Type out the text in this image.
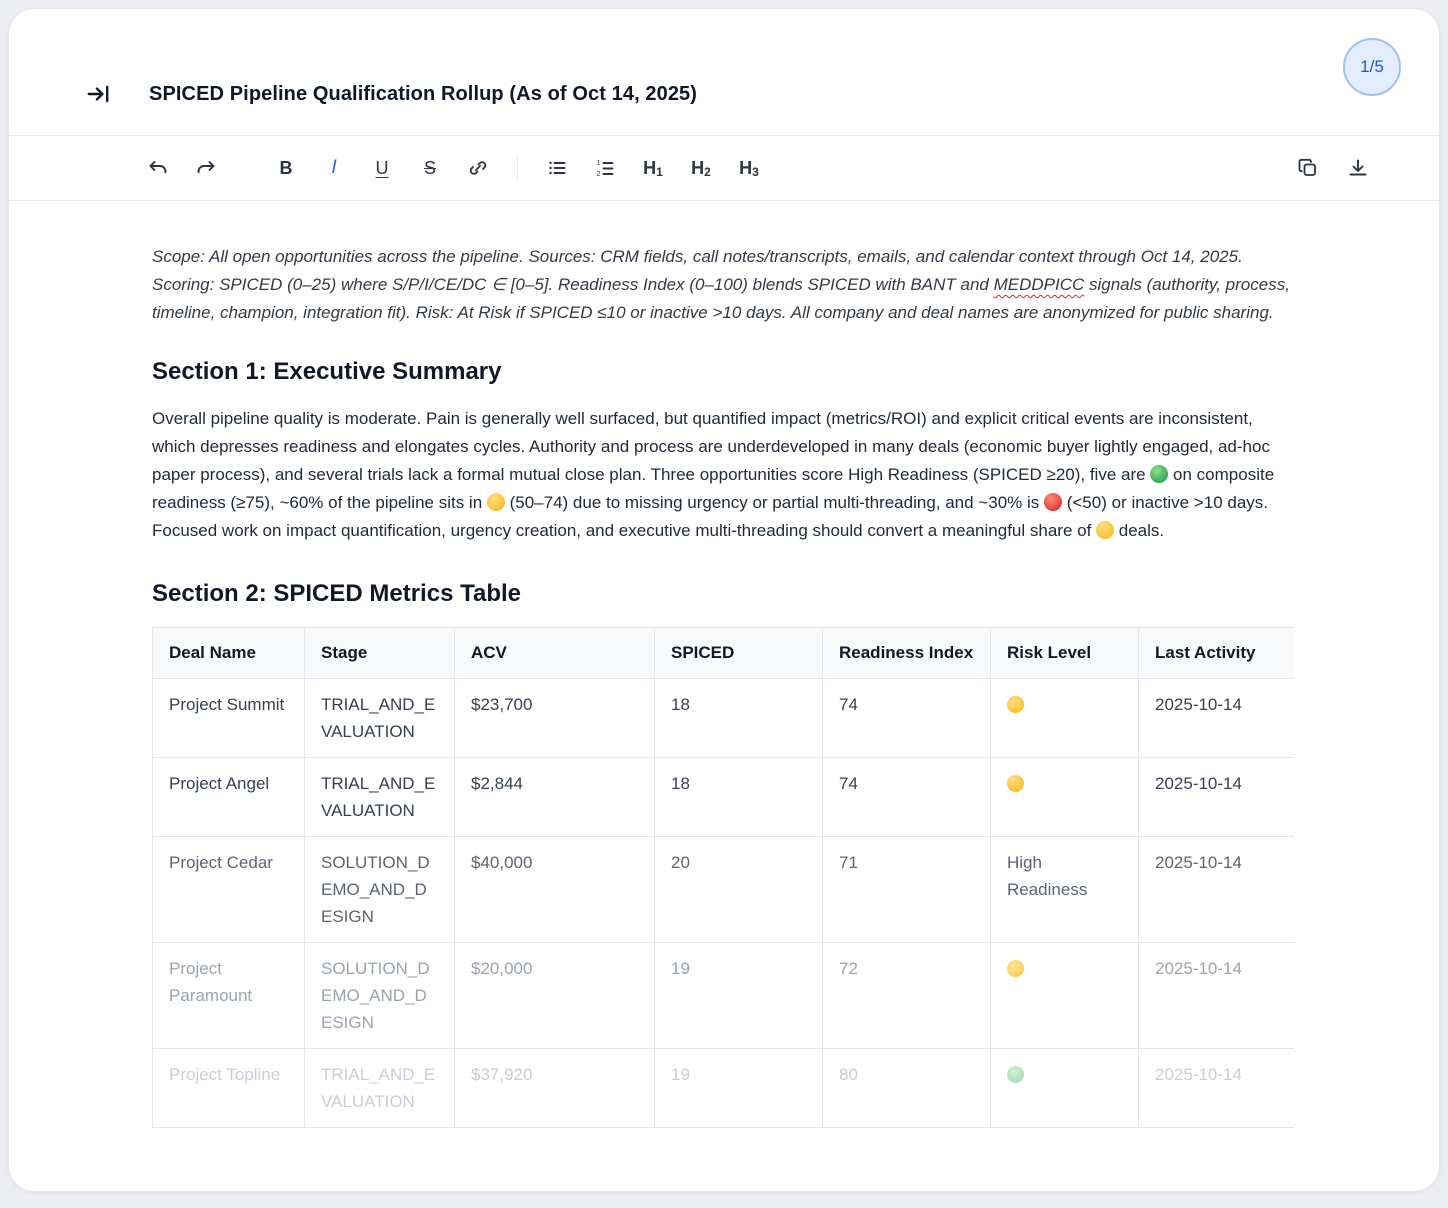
1/5
SPICED Pipeline Qualification Rollup (As of Oct 14, 2025)
B	I	U	S	1
2 H 1 H 2 H 3

Scope: All open opportunities across the pipeline. Sources: CRM fields, call notes/transcripts, emails, and calendar context through Oct 14, 2025. Scoring: SPICED (0–25) where S/P/I/CE/DC ∈ [0–5]. Readiness Index (0–100) blends SPICED with BANT and MEDDPICC signals (authority, process, timeline, champion, integration fit). Risk: At Risk if SPICED ≤10 or inactive >10 days. All company and deal names are anonymized for public sharing.

Section 1: Executive Summary

Overall pipeline quality is moderate. Pain is generally well surfaced, but quantified impact (metrics/ROI) and explicit critical events are inconsistent, which depresses readiness and elongates cycles. Authority and process are underdeveloped in many deals (economic buyer lightly engaged, ad-hoc paper process), and several trials lack a formal mutual close plan. Three opportunities score High Readiness (SPICED ≥20), five are  on composite readiness (≥75), ~60% of the pipeline sits in  (50–74) due to missing urgency or partial multi-threading, and ~30% is  (<50) or inactive >10 days. Focused work on impact quantification, urgency creation, and executive multi-threading should convert a meaningful share of  deals.

Section 2: SPICED Metrics Table
Deal Name	Stage	ACV	SPICED	Readiness Index	Risk Level	Last Activity
Project Summit	TRIAL_AND_EVALUATION	$23,700	18	74		2025-10-14
Project Angel	TRIAL_AND_EVALUATION	$2,844	18	74		2025-10-14
Project Cedar	SOLUTION_DEMO_AND_DESIGN	$40,000	20	71	High Readiness	2025-10-14
Project Paramount	SOLUTION_DEMO_AND_DESIGN	$20,000	19	72		2025-10-14
Project Topline	TRIAL_AND_EVALUATION	$37,920	19	80		2025-10-14
